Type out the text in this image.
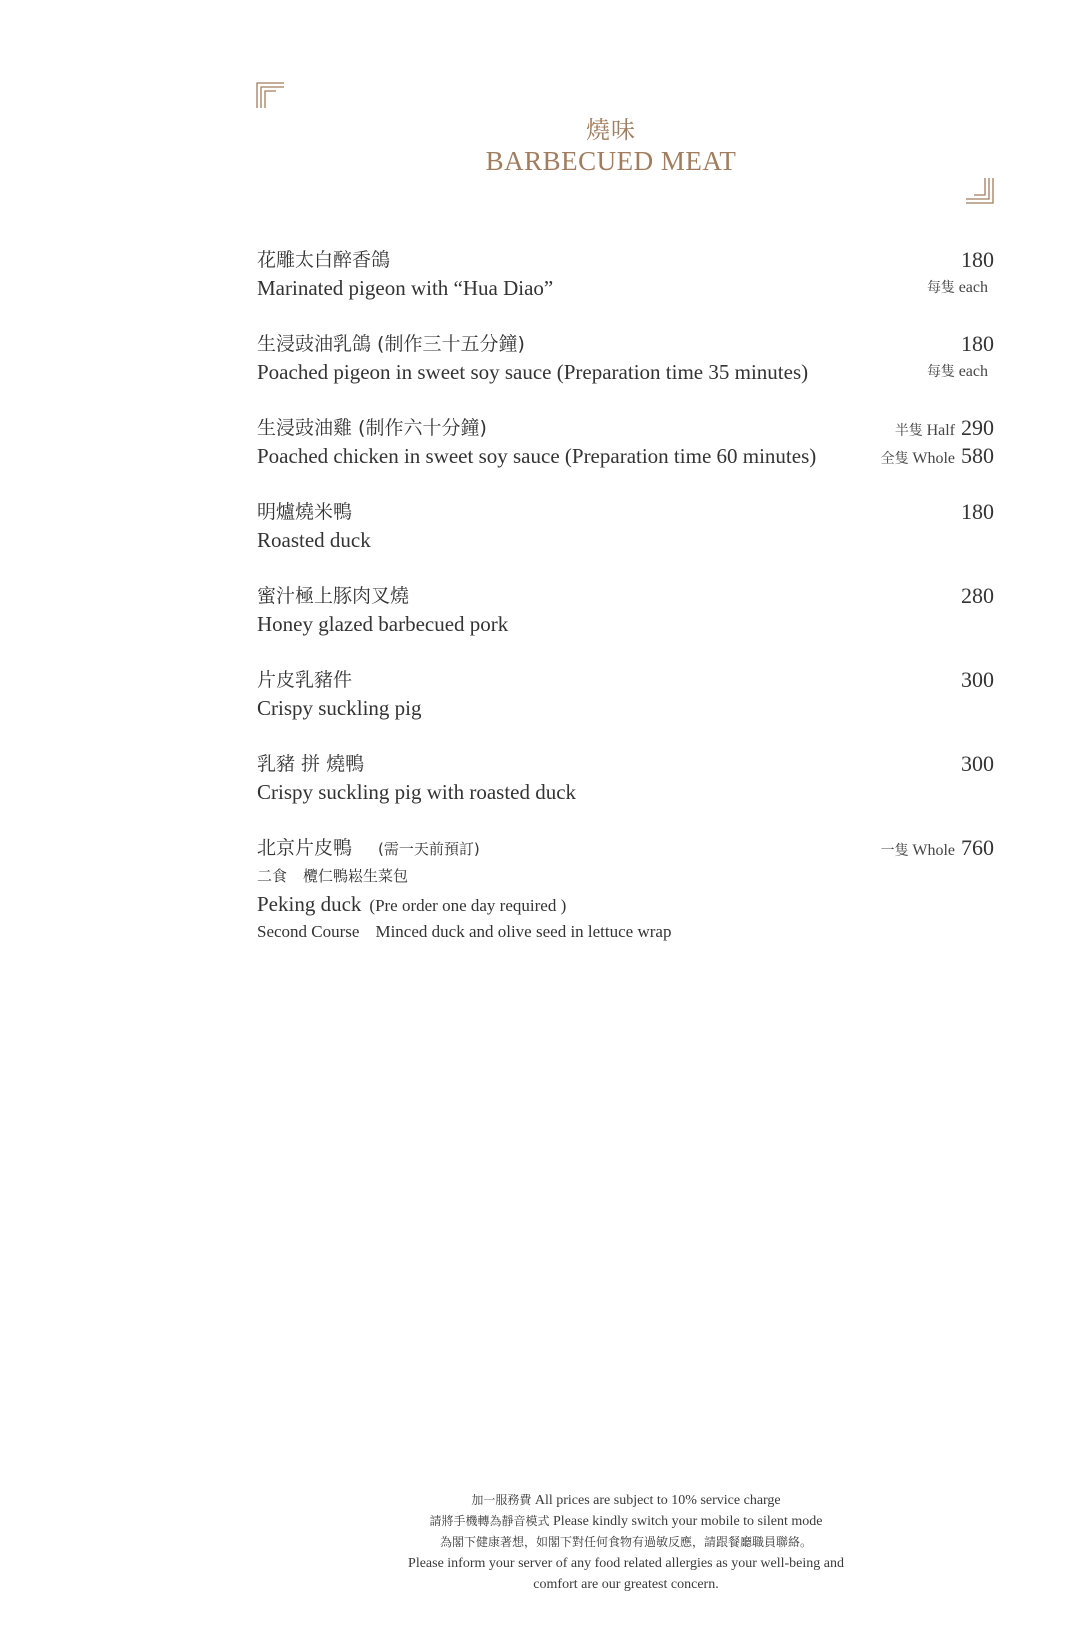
燒味
BARBECUED MEAT
花雕太白醉香鴿
Marinated pigeon with “Hua Diao”
180
每隻 each
生浸豉油乳鴿 (制作三十五分鐘)
Poached pigeon in sweet soy sauce (Preparation time 35 minutes)
180
每隻 each
生浸豉油雞 (制作六十分鐘)
Poached chicken in sweet soy sauce (Preparation time 60 minutes)
半隻 Half 290
全隻 Whole 580
明爐燒米鴨
Roasted duck
180
蜜汁極上豚肉叉燒
Honey glazed barbecued pork
280
片皮乳豬件
Crispy suckling pig
300
乳豬 拼 燒鴨
Crispy suckling pig with roasted duck
300
北京片皮鴨 (需一天前預訂)
二食 欖仁鴨崧生菜包
Peking duck (Pre order one day required )
Second Course Minced duck and olive seed in lettuce wrap
一隻 Whole 760
加一服務費 All prices are subject to 10% service charge
請將手機轉為靜音模式 Please kindly switch your mobile to silent mode
為閣下健康著想，如閣下對任何食物有過敏反應，請跟餐廳職員聯絡。
Please inform your server of any food related allergies as your well-being and
comfort are our greatest concern.
